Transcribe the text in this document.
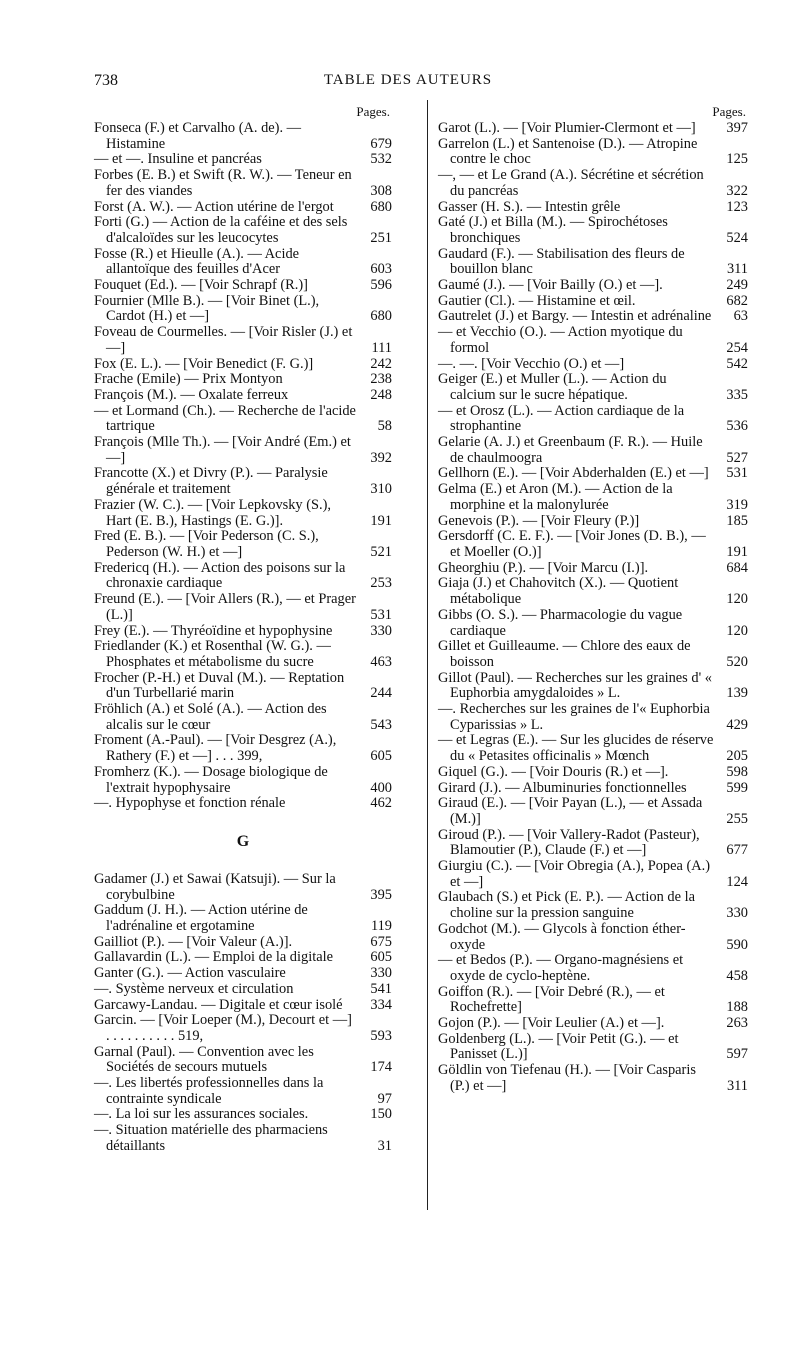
738	TABLE DES AUTEURS
Pages.
Fonseca (F.) et Carvalho (A. de). — Histamine	679
— et —. Insuline et pancréas	532
Forbes (E. B.) et Swift (R. W.). — Teneur en fer des viandes	308
Forst (A. W.). — Action utérine de l'ergot	680
Forti (G.) — Action de la caféine et des sels d'alcaloïdes sur les leucocytes	251
Fosse (R.) et Hieulle (A.). — Acide allantoïque des feuilles d'Acer	603
Fouquet (Ed.). — [Voir Schrapf (R.)]	596
Fournier (Mlle B.). — [Voir Binet (L.), Cardot (H.) et —]	680
Foveau de Courmelles. — [Voir Risler (J.) et —]	111
Fox (E. L.). — [Voir Benedict (F. G.)]	242
Frache (Emile) — Prix Montyon	238
François (M.). — Oxalate ferreux	248
— et Lormand (Ch.). — Recherche de l'acide tartrique	58
François (Mlle Th.). — [Voir André (Em.) et —]	392
Francotte (X.) et Divry (P.). — Paralysie générale et traitement	310
Frazier (W. C.). — [Voir Lepkovsky (S.), Hart (E. B.), Hastings (E. G.)].	191
Fred (E. B.). — [Voir Pederson (C. S.), Pederson (W. H.) et —]	521
Fredericq (H.). — Action des poisons sur la chronaxie cardiaque	253
Freund (E.). — [Voir Allers (R.), — et Prager (L.)]	531
Frey (E.). — Thyréoïdine et hypophysine	330
Friedlander (K.) et Rosenthal (W. G.). — Phosphates et métabolisme du sucre	463
Frocher (P.-H.) et Duval (M.). — Reptation d'un Turbellarié marin	244
Fröhlich (A.) et Solé (A.). — Action des alcalis sur le cœur	543
Froment (A.-Paul). — [Voir Desgrez (A.), Rathery (F.) et —] . . . 399,	605
Fromherz (K.). — Dosage biologique de l'extrait hypophysaire	400
—. Hypophyse et fonction rénale	462
G
Gadamer (J.) et Sawai (Katsuji). — Sur la corybulbine	395
Gaddum (J. H.). — Action utérine de l'adrénaline et ergotamine	119
Gailliot (P.). — [Voir Valeur (A.)].	675
Gallavardin (L.). — Emploi de la digitale	605
Ganter (G.). — Action vasculaire	330
—. Système nerveux et circulation	541
Garcawy-Landau. — Digitale et cœur isolé	334
Garcin. — [Voir Loeper (M.), Decourt et —] . . . . . . . . . . 519,	593
Garnal (Paul). — Convention avec les Sociétés de secours mutuels	174
—. Les libertés professionnelles dans la contrainte syndicale	97
—. La loi sur les assurances sociales.	150
—. Situation matérielle des pharmaciens détaillants	31
Pages.
Garot (L.). — [Voir Plumier-Clermont et —]	397
Garrelon (L.) et Santenoise (D.). — Atropine contre le choc	125
—, — et Le Grand (A.). Sécrétine et sécrétion du pancréas	322
Gasser (H. S.). — Intestin grêle	123
Gaté (J.) et Billa (M.). — Spirochétoses bronchiques	524
Gaudard (F.). — Stabilisation des fleurs de bouillon blanc	311
Gaumé (J.). — [Voir Bailly (O.) et —].	249
Gautier (Cl.). — Histamine et œil.	682
Gautrelet (J.) et Bargy. — Intestin et adrénaline	63
— et Vecchio (O.). — Action myotique du formol	254
—. —. [Voir Vecchio (O.) et —]	542
Geiger (E.) et Muller (L.). — Action du calcium sur le sucre hépatique.	335
— et Orosz (L.). — Action cardiaque de la strophantine	536
Gelarie (A. J.) et Greenbaum (F. R.). — Huile de chaulmoogra	527
Gellhorn (E.). — [Voir Abderhalden (E.) et —]	531
Gelma (E.) et Aron (M.). — Action de la morphine et la malonylurée	319
Genevois (P.). — [Voir Fleury (P.)]	185
Gersdorff (C. E. F.). — [Voir Jones (D. B.), — et Moeller (O.)]	191
Gheorghiu (P.). — [Voir Marcu (I.)].	684
Giaja (J.) et Chahovitch (X.). — Quotient métabolique	120
Gibbs (O. S.). — Pharmacologie du vague cardiaque	120
Gillet et Guilleaume. — Chlore des eaux de boisson	520
Gillot (Paul). — Recherches sur les graines d' « Euphorbia amygdaloides » L.	139
—. Recherches sur les graines de l'« Euphorbia Cyparissias » L.	429
— et Legras (E.). — Sur les glucides de réserve du « Petasites officinalis » Mœnch	205
Giquel (G.). — [Voir Douris (R.) et —].	598
Girard (J.). — Albuminuries fonctionnelles	599
Giraud (E.). — [Voir Payan (L.), — et Assada (M.)]	255
Giroud (P.). — [Voir Vallery-Radot (Pasteur), Blamoutier (P.), Claude (F.) et —]	677
Giurgiu (C.). — [Voir Obregia (A.), Popea (A.) et —]	124
Glaubach (S.) et Pick (E. P.). — Action de la choline sur la pression sanguine	330
Godchot (M.). — Glycols à fonction éther-oxyde	590
— et Bedos (P.). — Organo-magnésiens et oxyde de cyclo-heptène.	458
Goiffon (R.). — [Voir Debré (R.), — et Rochefrette]	188
Gojon (P.). — [Voir Leulier (A.) et —].	263
Goldenberg (L.). — [Voir Petit (G.). — et Panisset (L.)]	597
Göldlin von Tiefenau (H.). — [Voir Casparis (P.) et —]	311
